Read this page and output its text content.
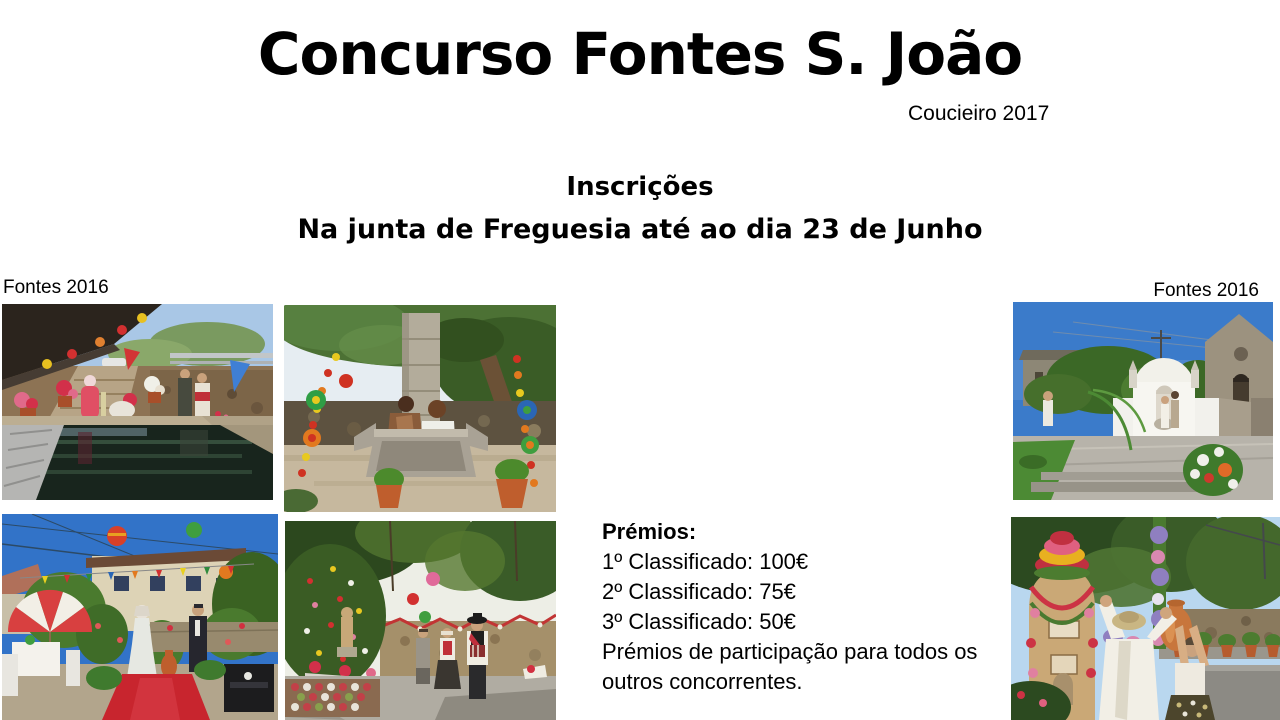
Concurso Fontes S. João
Coucieiro 2017
Inscrições
Na junta de Freguesia até ao dia 23 de Junho
Fontes 2016	Fontes 2016
Prémios:
1º Classificado: 100€
2º Classificado: 75€
3º Classificado: 50€
Prémios de participação para todos os outros concorrentes.
